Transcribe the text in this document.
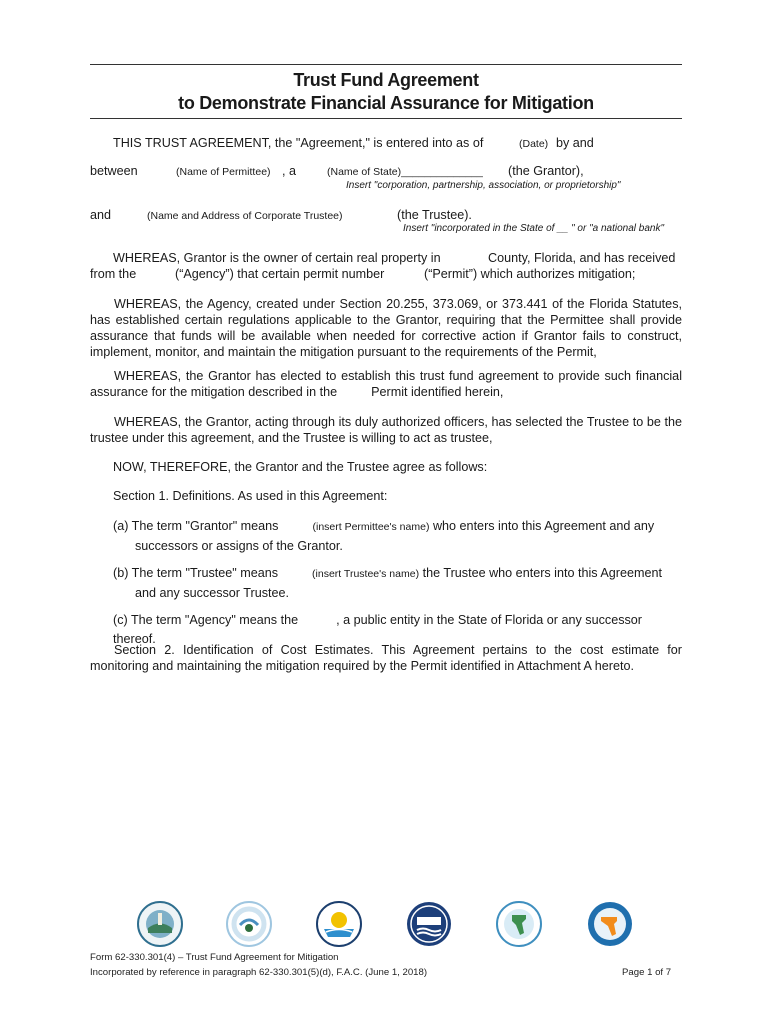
Trust Fund Agreement
to Demonstrate Financial Assurance for Mitigation
THIS TRUST AGREEMENT, the "Agreement," is entered into as of	(Date) by and
between	(Name of Permittee) , a	(Name of State)______________ (the Grantor),
Insert "corporation, partnership, association, or proprietorship"
and	(Name and Address of Corporate Trustee)	(the Trustee).
Insert "incorporated in the State of __ " or "a national bank"
WHEREAS, Grantor is the owner of certain real property in	County, Florida, and has received
from the	(“Agency”) that certain permit number	(“Permit”) which authorizes mitigation;
WHEREAS, the Agency, created under Section 20.255, 373.069, or 373.441 of the Florida Statutes, has established certain regulations applicable to the Grantor, requiring that the Permittee shall provide assurance that funds will be available when needed for corrective action if Grantor fails to construct, implement, monitor, and maintain the mitigation pursuant to the requirements of the Permit,
WHEREAS, the Grantor has elected to establish this trust fund agreement to provide such financial assurance for the mitigation described in the	Permit identified herein,
WHEREAS, the Grantor, acting through its duly authorized officers, has selected the Trustee to be the trustee under this agreement, and the Trustee is willing to act as trustee,
NOW, THEREFORE, the Grantor and the Trustee agree as follows:
Section 1. Definitions. As used in this Agreement:
(a) The term "Grantor" means	(insert Permittee's name) who enters into this Agreement and any
successors or assigns of the Grantor.
(b) The term "Trustee" means	(insert Trustee's name) the Trustee who enters into this Agreement
and any successor Trustee.
(c) The term "Agency" means the	, a public entity in the State of Florida or any successor thereof.
Section 2. Identification of Cost Estimates. This Agreement pertains to the cost estimate for monitoring and maintaining the mitigation required by the Permit identified in Attachment A hereto.
Form 62-330.301(4) – Trust Fund Agreement for Mitigation
Incorporated by reference in paragraph 62-330.301(5)(d), F.A.C. (June 1, 2018)	Page 1 of 7
